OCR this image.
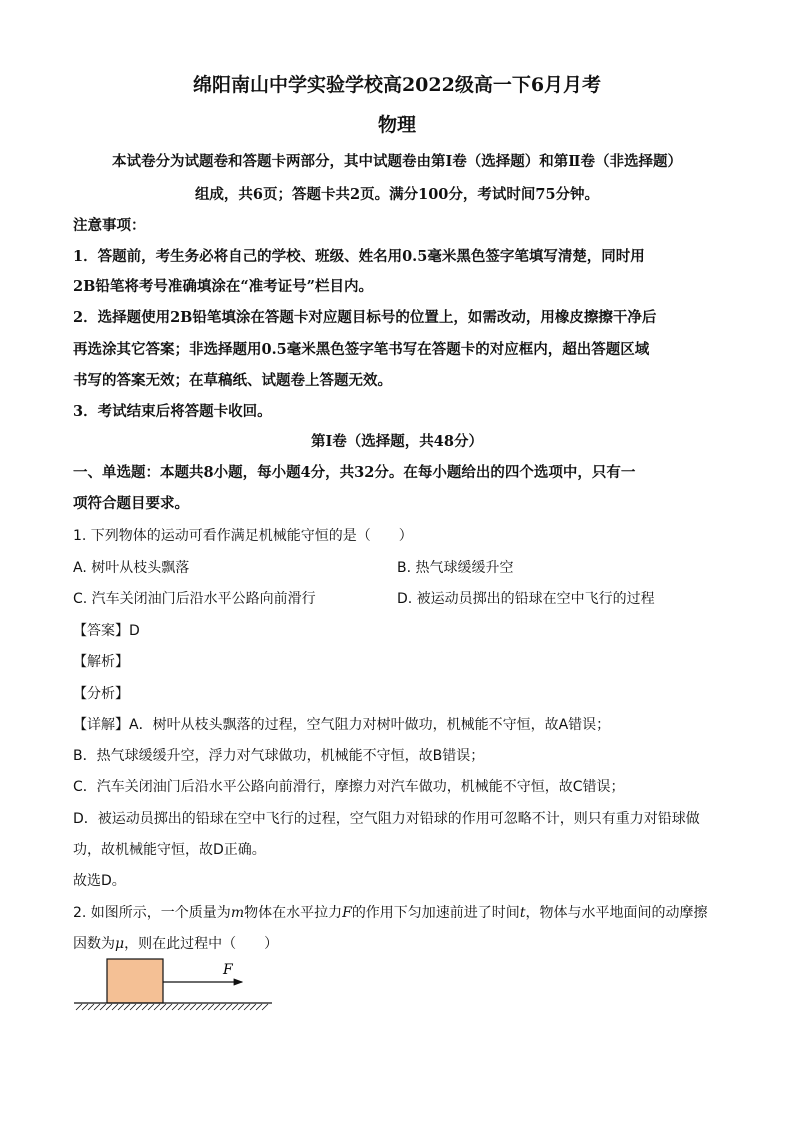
绵阳南山中学实验学校高2022级高一下6月月考
物理
本试卷分为试题卷和答题卡两部分，其中试题卷由第Ⅰ卷（选择题）和第Ⅱ卷（非选择题）
组成，共6页；答题卡共2页。满分100分，考试时间75分钟。
注意事项：
1．答题前，考生务必将自己的学校、班级、姓名用0.5毫米黑色签字笔填写清楚，同时用
2B铅笔将考号准确填涂在“准考证号”栏目内。
2．选择题使用2B铅笔填涂在答题卡对应题目标号的位置上，如需改动，用橡皮擦擦干净后
再选涂其它答案；非选择题用0.5毫米黑色签字笔书写在答题卡的对应框内，超出答题区域
书写的答案无效；在草稿纸、试题卷上答题无效。
3．考试结束后将答题卡收回。
第Ⅰ卷（选择题，共48分）
一、单选题：本题共8小题，每小题4分，共32分。在每小题给出的四个选项中，只有一
项符合题目要求。
1. 下列物体的运动可看作满足机械能守恒的是（　　）
A. 树叶从枝头飘落	B. 热气球缓缓升空
C. 汽车关闭油门后沿水平公路向前滑行	D. 被运动员掷出的铅球在空中飞行的过程
【答案】D
【解析】
【分析】
【详解】A．树叶从枝头飘落的过程，空气阻力对树叶做功，机械能不守恒，故A错误；
B．热气球缓缓升空，浮力对气球做功，机械能不守恒，故B错误；
C．汽车关闭油门后沿水平公路向前滑行，摩擦力对汽车做功，机械能不守恒，故C错误；
D．被运动员掷出的铅球在空中飞行的过程，空气阻力对铅球的作用可忽略不计，则只有重力对铅球做
功，故机械能守恒，故D正确。
故选D。
2. 如图所示，一个质量为m物体在水平拉力F的作用下匀加速前进了时间t，物体与水平地面间的动摩擦
因数为μ，则在此过程中（　　）
F
